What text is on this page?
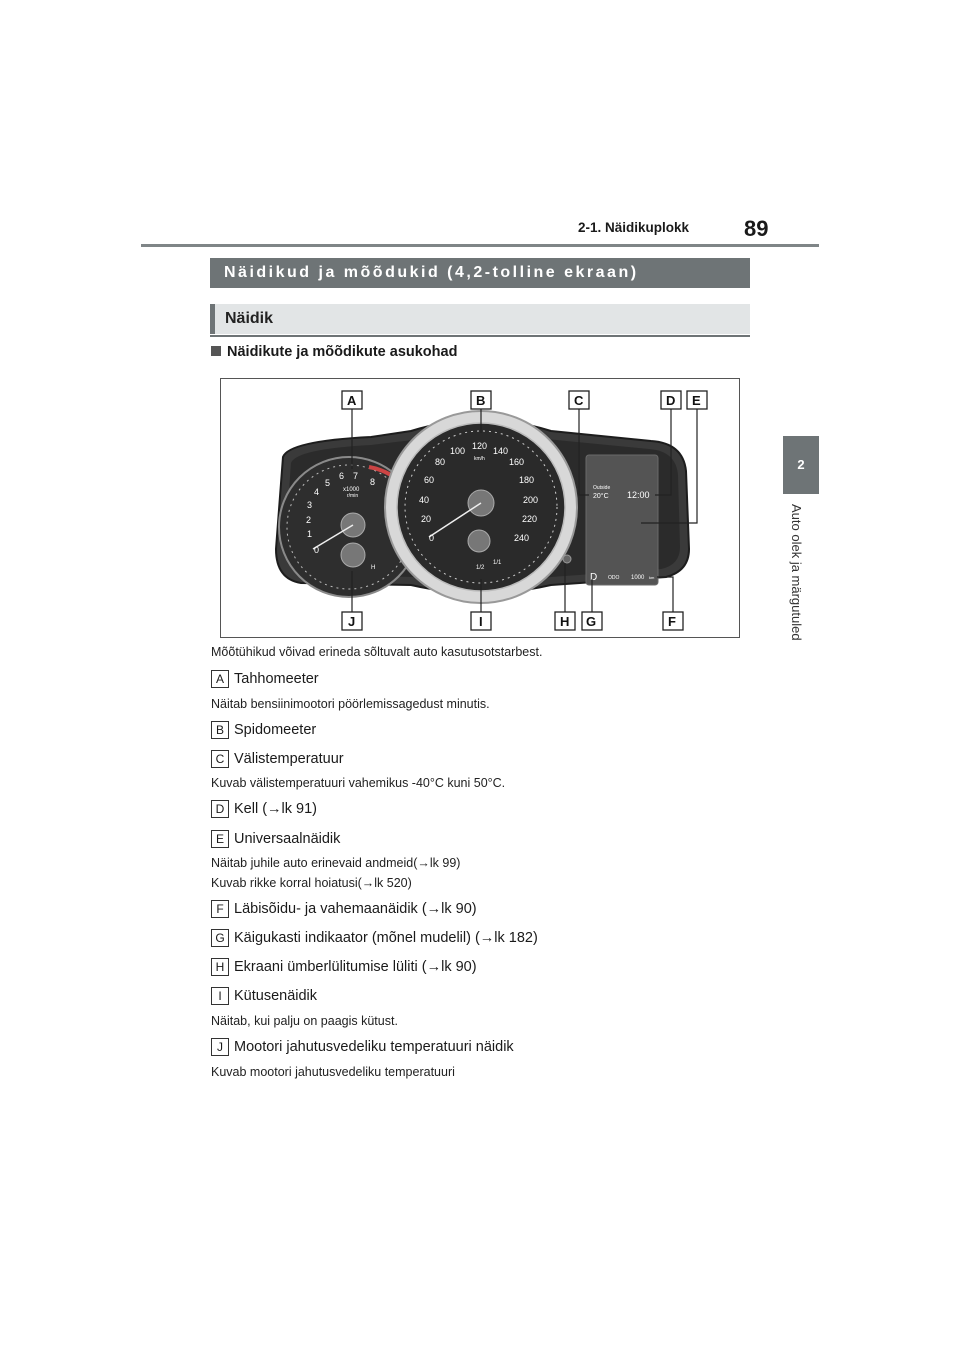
2-1. Näidikuplokk 89
2
Auto olek ja märgutuled
Näidikud ja mõõdukid (4,2-tolline ekraan)
Näidik
Näidikute ja mõõdikute asukohad
0
1
2
3
4
5
6 7
8
x1000
r/min
H
0
20
40
60
80
100 120 140
160
180
200
220
240
km/h
1/2
1/1
Outside
20°C 12:00
D ODO 1000 km
A	B	C	D E
J	I	H G	F
Mõõtühikud võivad erineda sõltuvalt auto kasutusotstarbest.
A Tahhomeeter
Näitab bensiinimootori pöörlemissagedust minutis.
B Spidomeeter
C Välistemperatuur
Kuvab välistemperatuuri vahemikus -40°C kuni 50°C.
D Kell (→lk 91)
E Universaalnäidik
Näitab juhile auto erinevaid andmeid(→lk 99)
Kuvab rikke korral hoiatusi(→lk 520)
F Läbisõidu- ja vahemaanäidik (→lk 90)
G Käigukasti indikaator (mõnel mudelil) (→lk 182)
H Ekraani ümberlülitumise lüliti (→lk 90)
I Kütusenäidik
Näitab, kui palju on paagis kütust.
J Mootori jahutusvedeliku temperatuuri näidik
Kuvab mootori jahutusvedeliku temperatuuri
